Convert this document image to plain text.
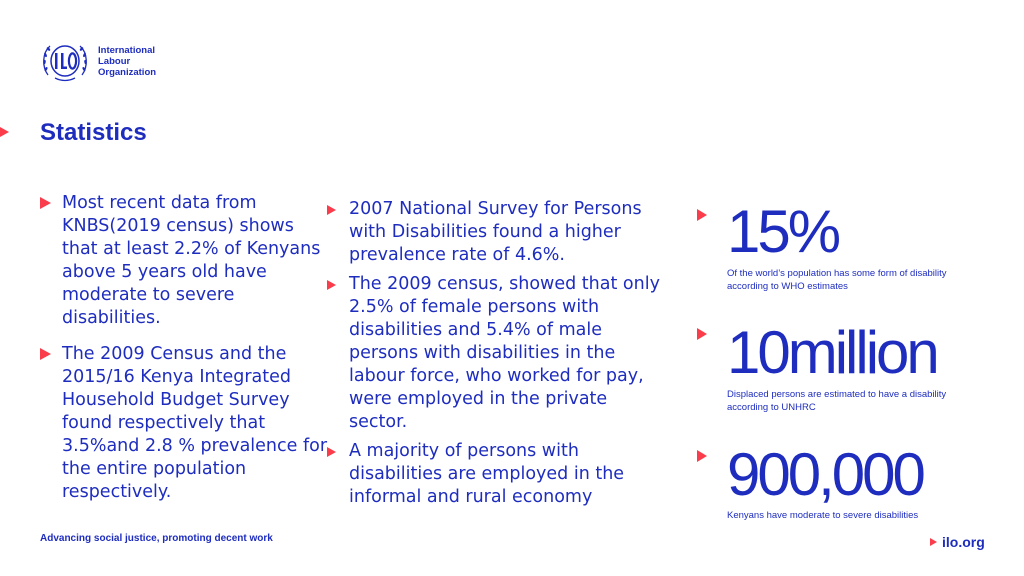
International
Labour
Organization
Statistics
Most recent data from KNBS(2019 census) shows that at least 2.2% of Kenyans above 5 years old have moderate to severe disabilities.
The 2009 Census and the 2015/16 Kenya Integrated Household Budget Survey found respectively that 3.5%and 2.8 % prevalence for the entire population respectively.
2007 National Survey for Persons with Disabilities found a higher prevalence rate of 4.6%.
The 2009 census, showed that only 2.5% of female persons with disabilities and 5.4% of male persons with disabilities in the labour force, who worked for pay, were employed in the private sector.
A majority of persons with disabilities are employed in the informal and rural economy
15%
Of the world’s population has some form of disability according to WHO estimates
10million
Displaced persons are estimated to have a disability according to UNHRC
900,000
Kenyans have moderate to severe disabilities
Advancing social justice, promoting decent work	ilo.org
